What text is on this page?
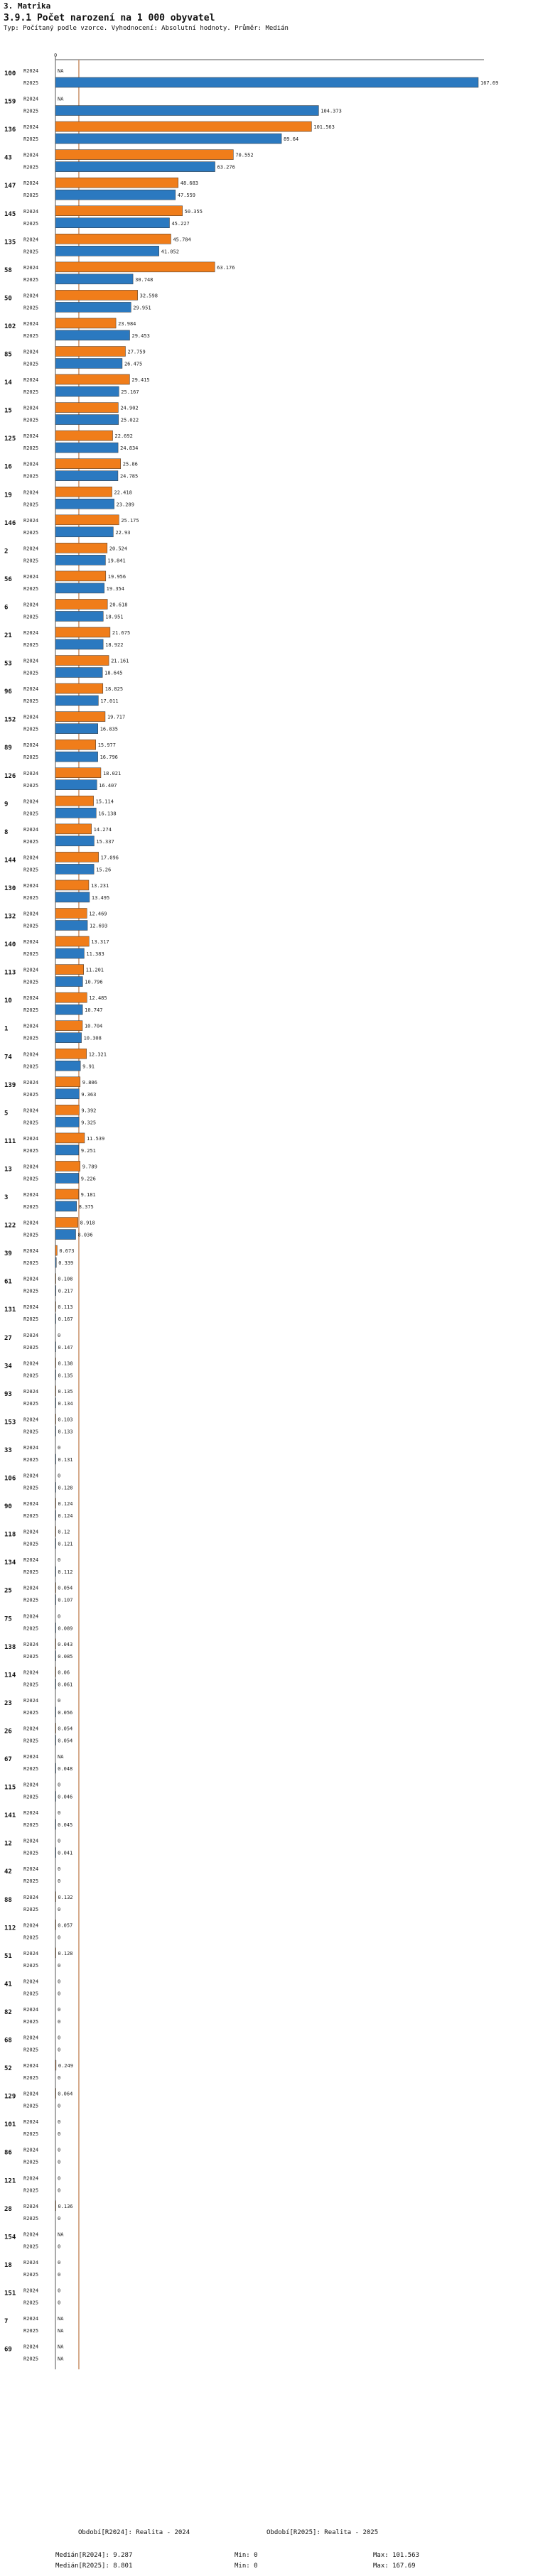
3. Matrika
3.9.1 Počet narození na 1 000 obyvatel
Typ: Počítaný podle vzorce. Vyhodnocení: Absolutní hodnoty. Průměr: Medián
0
100 R2024	NA
R2025	167.69
159 R2024	NA
R2025	104.373
136 R2024	101.563
R2025	89.64
43 R2024	70.552
R2025	63.276
147 R2024	48.683
R2025	47.559
145 R2024	50.355
R2025	45.227
135 R2024	45.784
R2025	41.052
58 R2024	63.176
R2025	30.748
50 R2024	32.598
R2025	29.951
102 R2024	23.984
R2025	29.453
85 R2024	27.759
R2025	26.475
14 R2024	29.415
R2025	25.167
15 R2024	24.902
R2025	25.022
125 R2024	22.692
R2025	24.834
16 R2024	25.86
R2025	24.785
19 R2024	22.418
R2025	23.289
146 R2024	25.175
R2025	22.93
2	R2024	20.524
R2025	19.841
56 R2024	19.956
R2025	19.354
6	R2024	20.618
R2025	18.951
21 R2024	21.675
R2025	18.922
53 R2024	21.161
R2025	18.645
96 R2024	18.825
R2025	17.011
152 R2024	19.717
R2025	16.835
89 R2024	15.977
R2025	16.796
126 R2024	18.021
R2025	16.407
9	R2024	15.114
R2025	16.138
8	R2024	14.274
R2025	15.337
144 R2024	17.096
R2025	15.26
130 R2024	13.231
R2025	13.495
132 R2024	12.469
R2025	12.693
140 R2024	13.317
R2025	11.383
113 R2024	11.201
R2025	10.796
10 R2024	12.485
R2025	10.747
1	R2024	10.704
R2025	10.308
74 R2024	12.321
R2025	9.91
139 R2024	9.806
R2025	9.363
5	R2024	9.392
R2025	9.325
111 R2024	11.539
R2025	9.251
13 R2024	9.789
R2025	9.226
3	R2024	9.181
R2025	8.375
122 R2024	8.918
R2025	8.036
39 R2024	0.673
R2025	0.339
61 R2024	0.108
R2025	0.217
131 R2024	0.113
R2025	0.167
27 R2024	0
R2025	0.147
34 R2024	0.138
R2025	0.135
93 R2024	0.135
R2025	0.134
153 R2024	0.103
R2025	0.133
33 R2024	0
R2025	0.131
106 R2024	0
R2025	0.128
90 R2024	0.124
R2025	0.124
118 R2024	0.12
R2025	0.121
134 R2024	0
R2025	0.112
25 R2024	0.054
R2025	0.107
75 R2024	0
R2025	0.089
138 R2024	0.043
R2025	0.085
114 R2024	0.06
R2025	0.061
23 R2024	0
R2025	0.056
26 R2024	0.054
R2025	0.054
67 R2024	NA
R2025	0.048
115 R2024	0
R2025	0.046
141 R2024	0
R2025	0.045
12 R2024	0
R2025	0.041
42 R2024	0
R2025	0
88 R2024	0.132
R2025	0
112 R2024	0.057
R2025	0
51 R2024	0.128
R2025	0
41 R2024	0
R2025	0
82 R2024	0
R2025	0
68 R2024	0
R2025	0
52 R2024	0.249
R2025	0
129 R2024	0.064
R2025	0
101 R2024	0
R2025	0
86 R2024	0
R2025	0
121 R2024	0
R2025	0
28 R2024	0.136
R2025	0
154 R2024	NA
R2025	0
18 R2024	0
R2025	0
151 R2024	0
R2025	0
7	R2024	NA
R2025	NA
69 R2024	NA
R2025	NA
Období[R2024]: Realita - 2024	Období[R2025]: Realita - 2025
Medián[R2024]: 9.287	Min: 0	Max: 101.563
Medián[R2025]: 8.801	Min: 0	Max: 167.69
